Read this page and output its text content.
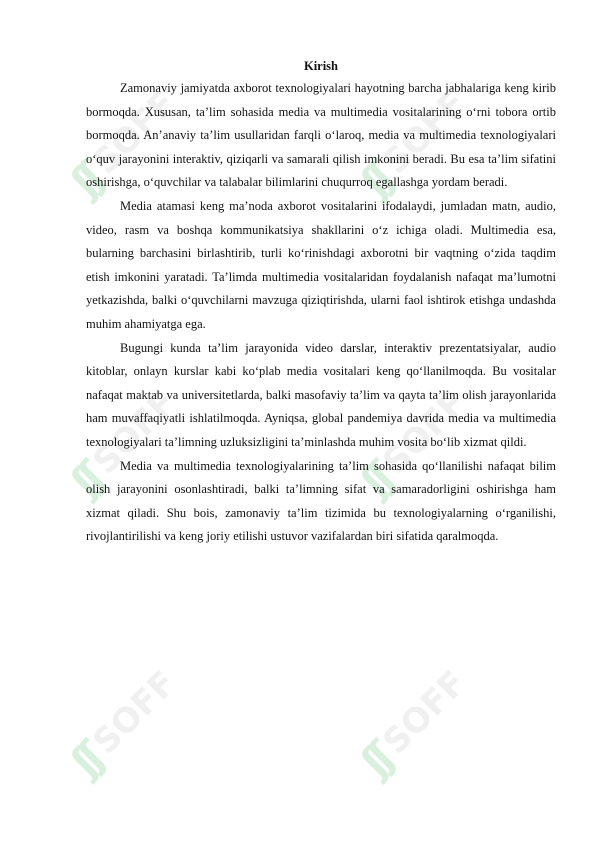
ʃʃSOFF	ʃʃSOFF
ʃʃSOFF	ʃʃSOFF
ʃʃSOFF	ʃʃSOFF
Kirish

Zamonaviy jamiyatda axborot texnologiyalari hayotning barcha jabhalariga keng kirib bormoqda. Xususan, ta’lim sohasida media va multimedia vositalarining o‘rni tobora ortib bormoqda. An’anaviy ta’lim usullaridan farqli o‘laroq, media va multimedia texnologiyalari o‘quv jarayonini interaktiv, qiziqarli va samarali qilish imkonini beradi. Bu esa ta’lim sifatini oshirishga, o‘quvchilar va talabalar bilimlarini chuqurroq egallashga yordam beradi.

Media atamasi keng ma’noda axborot vositalarini ifodalaydi, jumladan matn, audio, video, rasm va boshqa kommunikatsiya shakllarini o‘z ichiga oladi. Multimedia esa, bularning barchasini birlashtirib, turli ko‘rinishdagi axborotni bir vaqtning o‘zida taqdim etish imkonini yaratadi. Ta’limda multimedia vositalaridan foydalanish nafaqat ma’lumotni yetkazishda, balki o‘quvchilarni mavzuga qiziqtirishda, ularni faol ishtirok etishga undashda muhim ahamiyatga ega.

Bugungi kunda ta’lim jarayonida video darslar, interaktiv prezentatsiyalar, audio kitoblar, onlayn kurslar kabi ko‘plab media vositalari keng qo‘llanilmoqda. Bu vositalar nafaqat maktab va universitetlarda, balki masofaviy ta’lim va qayta ta’lim olish jarayonlarida ham muvaffaqiyatli ishlatilmoqda. Ayniqsa, global pandemiya davrida media va multimedia texnologiyalari ta’limning uzluksizligini ta’minlashda muhim vosita bo‘lib xizmat qildi.

Media va multimedia texnologiyalarining ta’lim sohasida qo‘llanilishi nafaqat bilim olish jarayonini osonlashtiradi, balki ta’limning sifat va samaradorligini oshirishga ham xizmat qiladi. Shu bois, zamonaviy ta’lim tizimida bu texnologiyalarning o‘rganilishi, rivojlantirilishi va keng joriy etilishi ustuvor vazifalardan biri sifatida qaralmoqda.
